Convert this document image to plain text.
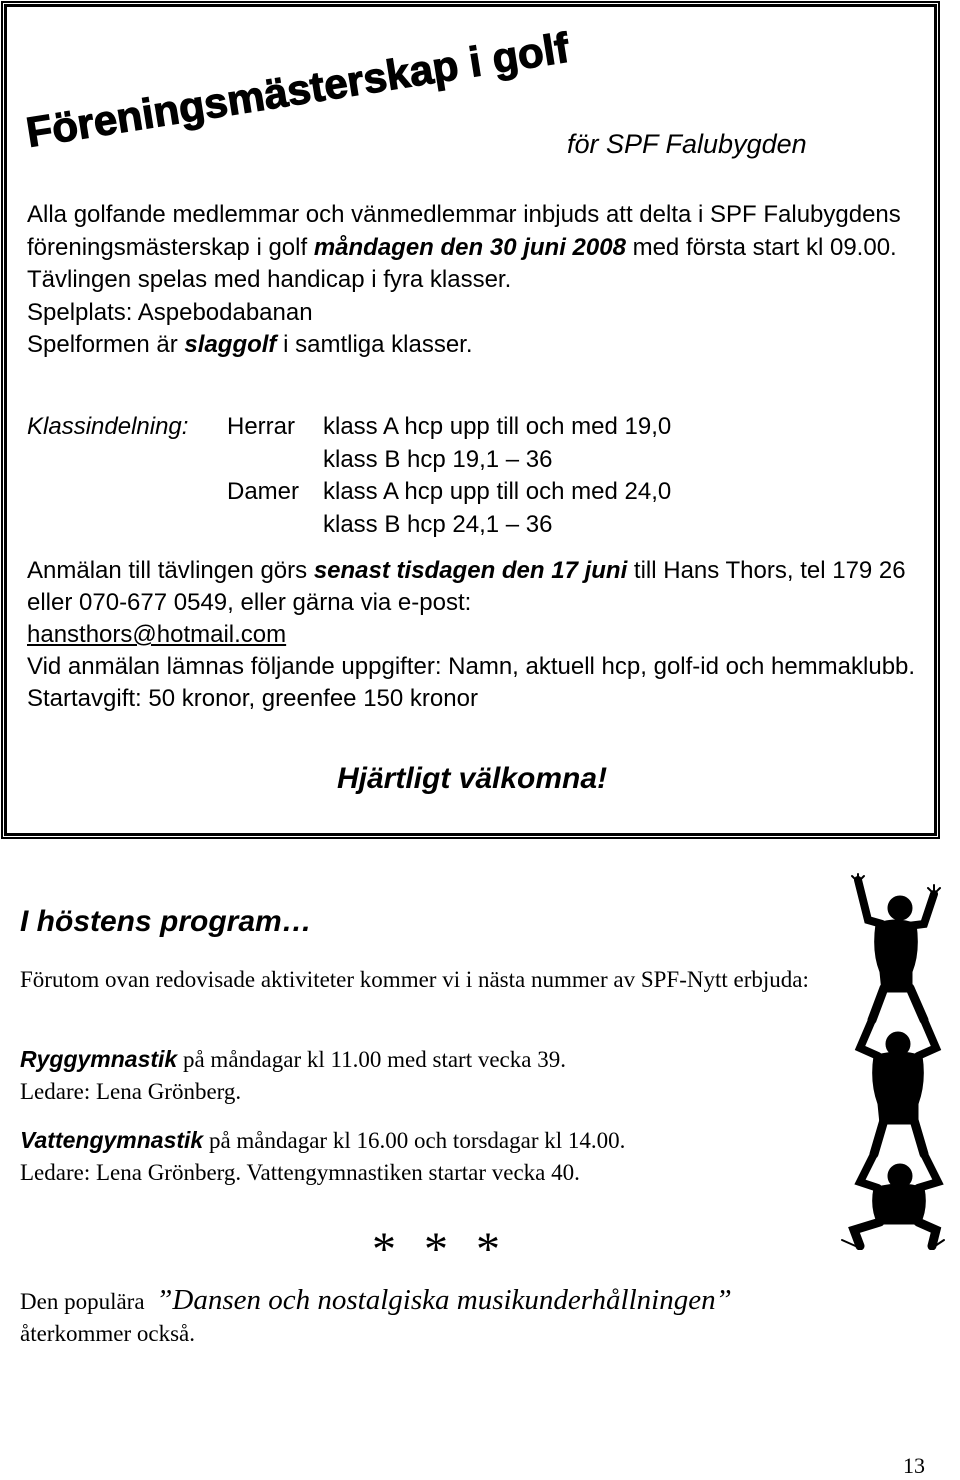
Föreningsmästerskap i golf
för SPF Falubygden

Alla golfande medlemmar och vänmedlemmar inbjuds att delta i SPF Falubygdens föreningsmästerskap i golf måndagen den 30 juni 2008 med första start kl 09.00.

Tävlingen spelas med handicap i fyra klasser.

Spelplats: Aspebodabanan

Spelformen är slaggolf i samtliga klasser.

Klassindelning:	Herrar	klass A hcp upp till och med 19,0
klass B hcp 19,1 – 36
Damer klass A hcp upp till och med 24,0
klass B hcp 24,1 – 36

Anmälan till tävlingen görs senast tisdagen den 17 juni till Hans Thors, tel 179 26 eller 070-677 0549, eller gärna via e-post:
hansthors@hotmail.com

Vid anmälan lämnas följande uppgifter: Namn, aktuell hcp, golf-id och hemmaklubb.

Startavgift: 50 kronor, greenfee 150 kronor

Hjärtligt välkomna!
I höstens program…

Förutom ovan redovisade aktiviteter kommer vi i nästa nummer av SPF-Nytt erbjuda:

Ryggymnastik på måndagar kl 11.00 med start vecka 39.

Ledare: Lena Grönberg.

Vattengymnastik på måndagar kl 16.00 och torsdagar kl 14.00.

Ledare: Lena Grönberg. Vattengymnastiken startar vecka 40.

* * *

Den populära ”Dansen och nostalgiska musikunderhållningen”

återkommer också.

13
